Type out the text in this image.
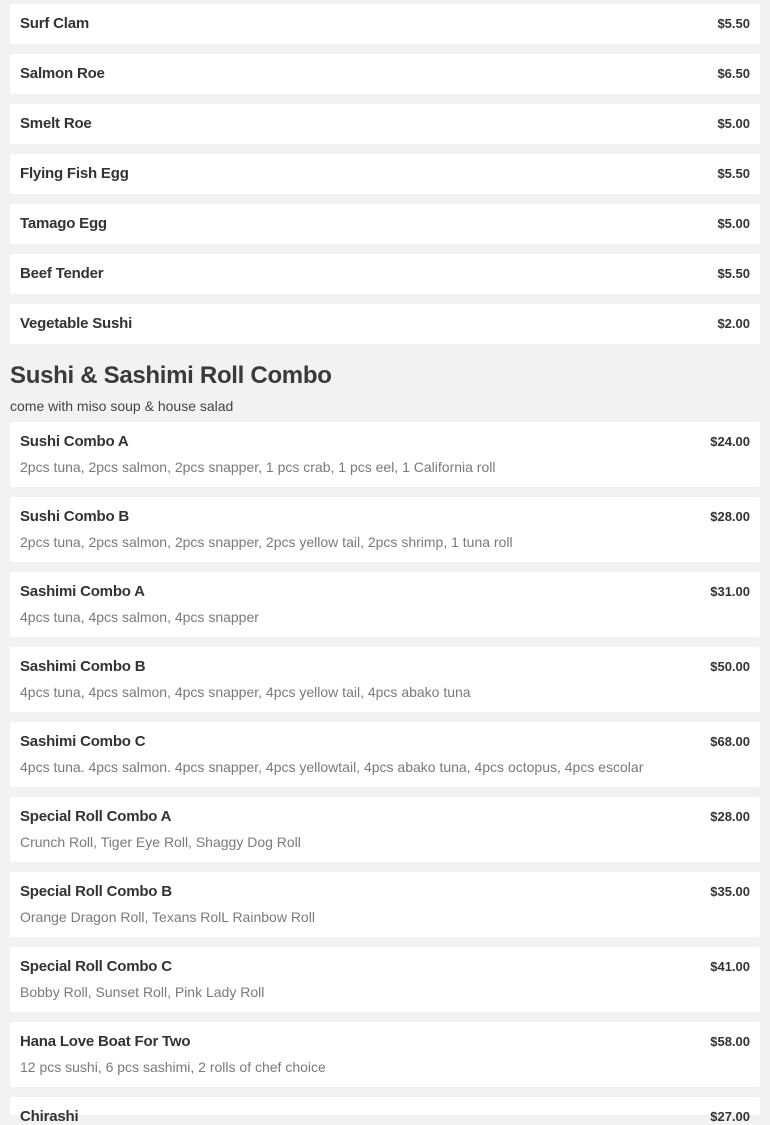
Surf Clam	$5.50
Salmon Roe	$6.50
Smelt Roe	$5.00
Flying Fish Egg	$5.50
Tamago Egg	$5.00
Beef Tender	$5.50
Vegetable Sushi	$2.00
Sushi & Sashimi Roll Combo
come with miso soup & house salad
Sushi Combo A	$24.00
2pcs tuna, 2pcs salmon, 2pcs snapper, 1 pcs crab, 1 pcs eel, 1 California roll
Sushi Combo B	$28.00
2pcs tuna, 2pcs salmon, 2pcs snapper, 2pcs yellow tail, 2pcs shrimp, 1 tuna roll
Sashimi Combo A	$31.00
4pcs tuna, 4pcs salmon, 4pcs snapper
Sashimi Combo B	$50.00
4pcs tuna, 4pcs salmon, 4pcs snapper, 4pcs yellow tail, 4pcs abako tuna
Sashimi Combo C	$68.00
4pcs tuna. 4pcs salmon. 4pcs snapper, 4pcs yellowtail, 4pcs abako tuna, 4pcs octopus, 4pcs escolar
Special Roll Combo A	$28.00
Crunch Roll, Tiger Eye Roll, Shaggy Dog Roll
Special Roll Combo B	$35.00
Orange Dragon Roll, Texans RolL Rainbow Roll
Special Roll Combo C	$41.00
Bobby Roll, Sunset Roll, Pink Lady Roll
Hana Love Boat For Two	$58.00
12 pcs sushi, 6 pcs sashimi, 2 rolls of chef choice
Chirashi	$27.00
